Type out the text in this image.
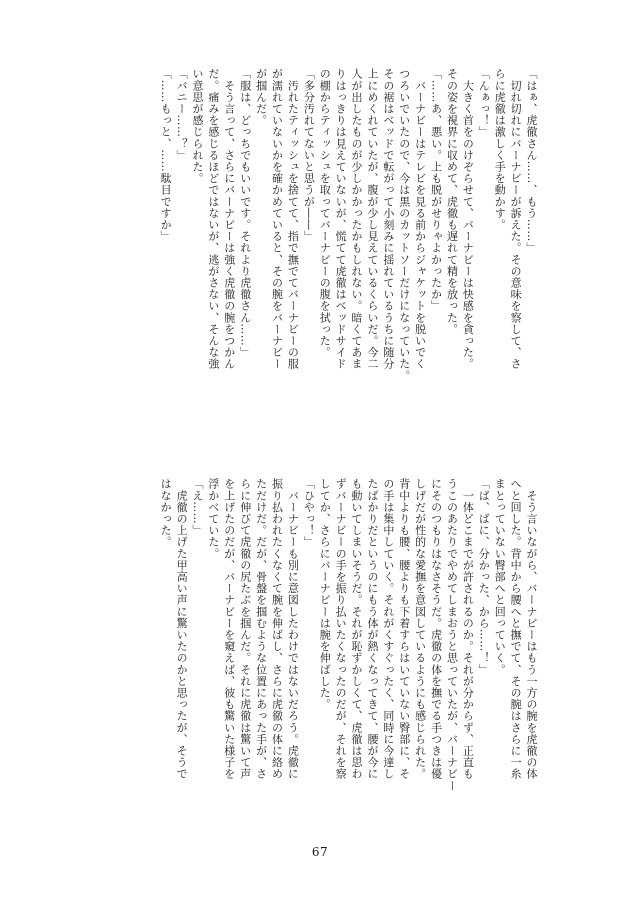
「はぁ、虎徹さん……、もう……」

　切れ切れにバーナビーが訴えた。その意味を察して、さ

らに虎徹は激しく手を動かす。

「んぁっ！」

　大きく首をのけぞらせて、バーナビーは快感を貪った。

その姿を視界に収めて、虎徹も遅れて精を放った。

「……あ、悪い。上も脱がせりゃよかったか」

　バーナビーはテレビを見る前からジャケットを脱いでく

つろいでいたので、今は黒のカットソーだけになっていた。

その裾はベッドで転がって小刻みに揺れているうちに随分

上にめくれていたが、腹が少し見えているくらいだ。今二

人が出したものが少しかかったかもしれない。暗くてあま

りはっきりは見えていないが、慌てて虎徹はベッドサイド

の棚からティッシュを取ってバーナビーの腹を拭った。

「多分汚れてないと思うが――」

　汚れたティッシュを捨てて、指で撫でてバーナビーの服

が濡れていないかを確かめていると、その腕をバーナビー

が掴んだ。

「服は、どっちでもいいです。それより虎徹さん……」

　そう言って、さらにバーナビーは強く虎徹の腕をつかん

だ。痛みを感じるほどではないが、逃がさない、そんな強

い意思が感じられた。

「バニー……？」

「……もっと、……駄目ですか」

　そう言いながら、バーナビーはもう一方の腕を虎徹の体

へと回した。背中から腰へと撫でて、その腕はさらに一糸

まとっていない臀部へと回っていく。

「ば、ばに、分かった、から……！」

　一体どこまでが許されるのか。それが分からず、正直も

うこのあたりでやめてしまおうと思っていたが、バーナビー

にそのつもりはなさそうだ。虎徹の体を撫でる手つきは優

しげだが性的な愛撫を意図しているようにも感じられた。

背中よりも腰、腰よりも下着すらはいていない臀部に、そ

の手は集中していく。それがくすぐったく、同時に今達し

たばかりだというのにもう体が熱くなってきて、腰が今に

も動いてしまいそうだ。それが恥ずかしくて、虎徹は思わ

ずバーナビーの手を振り払いたくなったのだが、それを察

してか、さらにバーナビーは腕を伸ばした。

「ひやっ！」

　バーナビーも別に意図したわけではないだろう。虎徹に

振り払われたくなくて腕を伸ばし、さらに虎徹の体に絡め

ただけだ。だが、骨盤を掴むような位置にあった手が、さ

らに伸びて虎徹の尻たぶを掴んだ。それに虎徹は驚いて声

を上げたのだが、バーナビーを窺えば、彼も驚いた様子を

浮かべていた。

「え……」

　虎徹の上げた甲高い声に驚いたのかと思ったが、そうで

はなかった。

67
